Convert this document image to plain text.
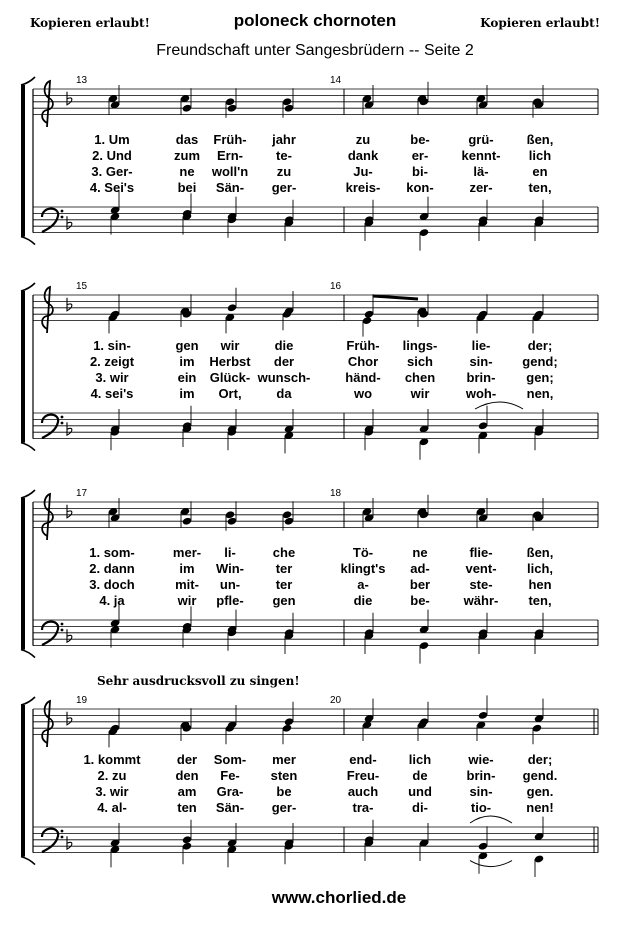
Kopieren erlaubt!	poloneck chornoten	Kopieren erlaubt!
Freundschaft unter Sangesbrüdern -- Seite 2
13	14
1. Um	das Früh- jahr	zu	be-	grü-	ßen,
2. Und	zum Ern-	te-	dank	er-	kennt- lich
3. Ger-	ne woll'n zu	Ju-	bi-	lä-	en
4. Sei's	bei Sän- ger-	kreis- kon-	zer-	ten,
15	16
1. sin-	gen wir	die	Früh- lings-	lie-	der;
2. zeigt	im Herbst der	Chor sich	sin- gend;
3. wir	ein Glück- wunsch-	händ- chen brin- gen;
4. sei's	im Ort,	da	wo	wir	woh- nen,
17	18
1. som-	mer- li-	che	Tö-	ne	flie-	ßen,
2. dann	im Win- ter	klingt's ad-	vent- lich,
3. doch	mit- un-	ter	a-	ber	ste-	hen
4. ja	wir pfle- gen	die	be-	währ- ten,
19	20
Sehr ausdrucksvoll zu singen!
1. kommt	der Som- mer	end- lich	wie-	der;
2. zu	den Fe- sten	Freu-	de	brin- gend.
3. wir	am Gra-	be	auch und	sin-	gen.
4. al-	ten Sän- ger-	tra-	di-	tio-	nen!
www.chorlied.de
